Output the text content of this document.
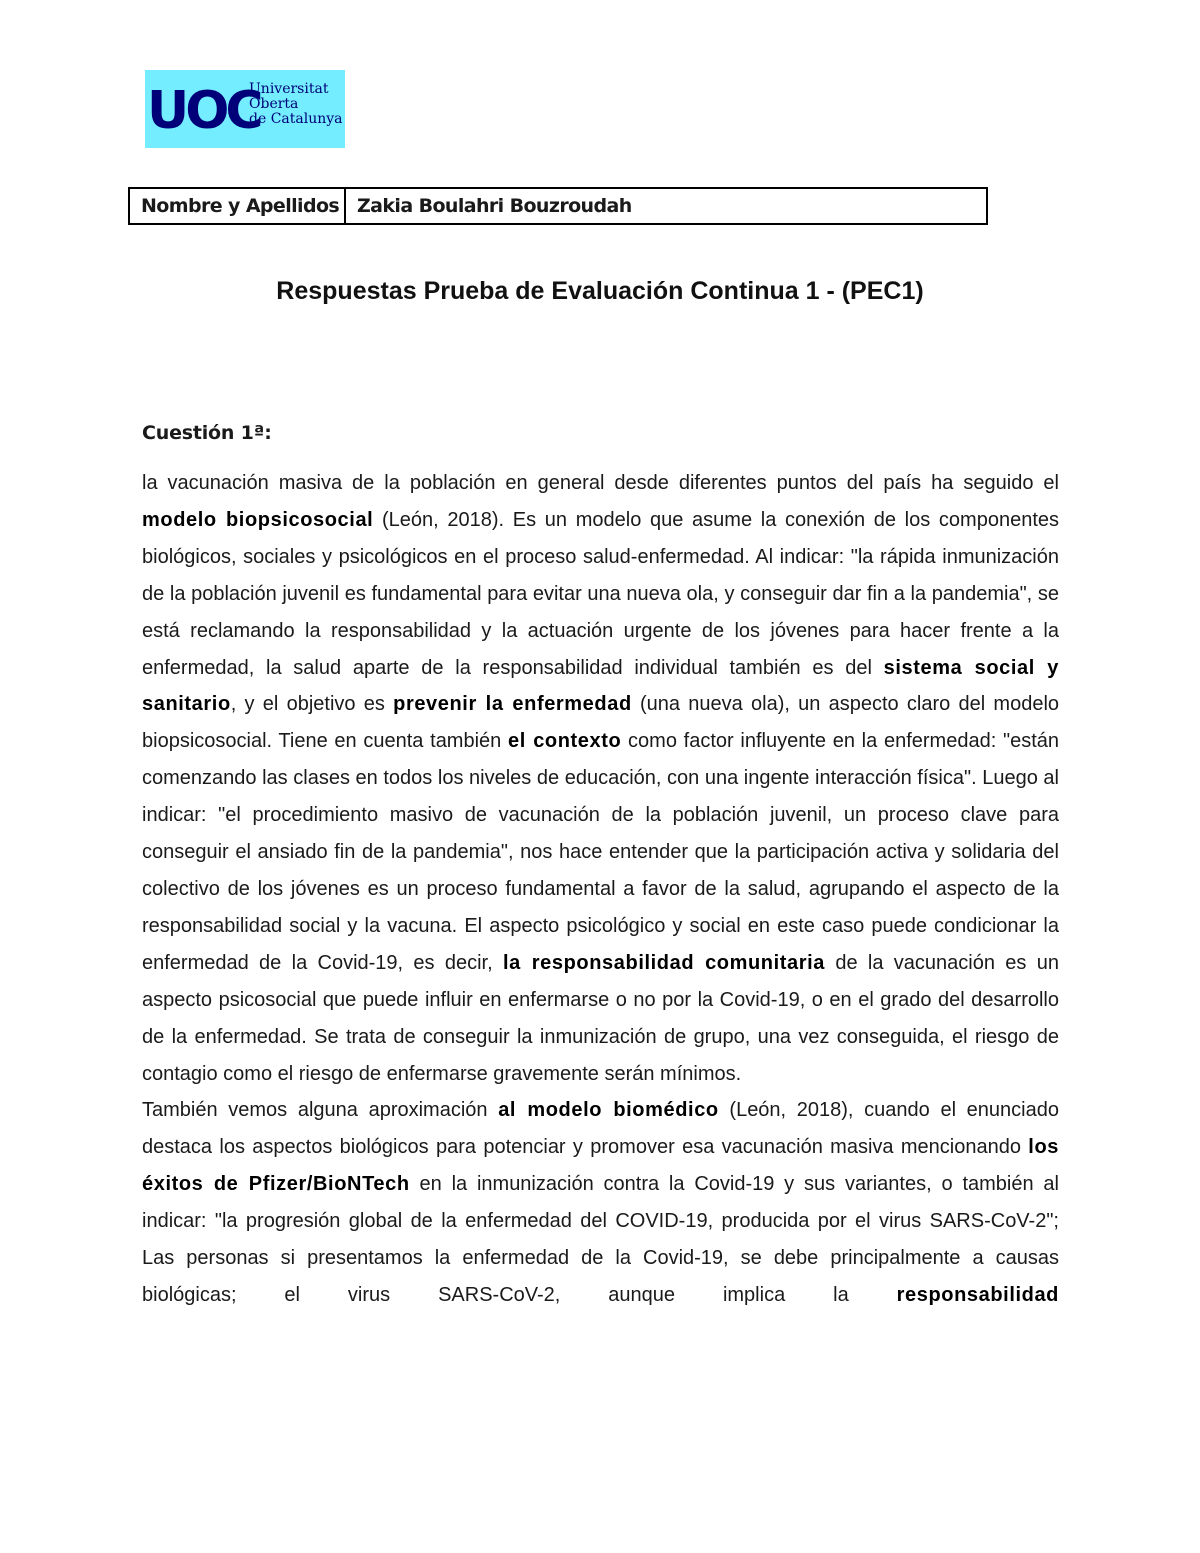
UOC
Universitat
Oberta
de Catalunya
Nombre y Apellidos Zakia Boulahri Bouzroudah
Respuestas Prueba de Evaluación Continua 1 - (PEC1)
Cuestión 1ª:

la vacunación masiva de la población en general desde diferentes puntos del país ha seguido el modelo biopsicosocial (León, 2018). Es un modelo que asume la conexión de los componentes biológicos, sociales y psicológicos en el proceso salud-enfermedad. Al indicar: "la rápida inmunización de la población juvenil es fundamental para evitar una nueva ola, y conseguir dar fin a la pandemia", se está reclamando la responsabilidad y la actuación urgente de los jóvenes para hacer frente a la enfermedad, la salud aparte de la responsabilidad individual también es del sistema social y sanitario, y el objetivo es prevenir la enfermedad (una nueva ola), un aspecto claro del modelo biopsicosocial. Tiene en cuenta también el contexto como factor influyente en la enfermedad: "están comenzando las clases en todos los niveles de educación, con una ingente interacción física". Luego al indicar: "el procedimiento masivo de vacunación de la población juvenil, un proceso clave para conseguir el ansiado fin de la pandemia", nos hace entender que la participación activa y solidaria del colectivo de los jóvenes es un proceso fundamental a favor de la salud, agrupando el aspecto de la responsabilidad social y la vacuna. El aspecto psicológico y social en este caso puede condicionar la enfermedad de la Covid-19, es decir, la responsabilidad comunitaria de la vacunación es un aspecto psicosocial que puede influir en enfermarse o no por la Covid-19, o en el grado del desarrollo de la enfermedad. Se trata de conseguir la inmunización de grupo, una vez conseguida, el riesgo de contagio como el riesgo de enfermarse gravemente serán mínimos.

También vemos alguna aproximación al modelo biomédico (León, 2018), cuando el enunciado destaca los aspectos biológicos para potenciar y promover esa vacunación masiva mencionando los éxitos de Pfizer/BioNTech en la inmunización contra la Covid-19 y sus variantes, o también al indicar: "la progresión global de la enfermedad del COVID-19, producida por el virus SARS-CoV-2"; Las personas si presentamos la enfermedad de la Covid-19, se debe principalmente a causas biológicas; el virus SARS-CoV-2, aunque implica la responsabilidad
